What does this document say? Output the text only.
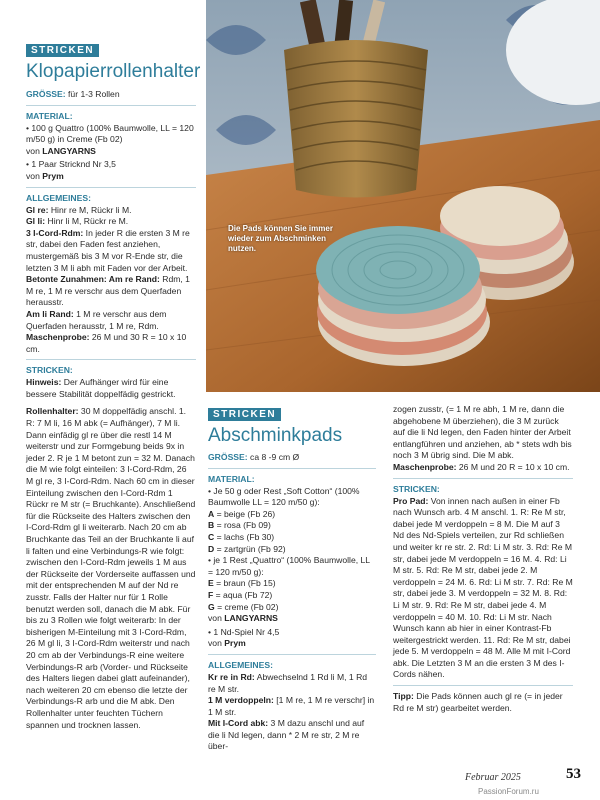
STRICKEN
Klopapierrollenhalter

GRÖSSE: für 1-3 Rollen

MATERIAL:

• 100 g Quattro (100% Baumwolle, LL = 120 m/50 g) in Creme (Fb 02)

von LANGYARNS

• 1 Paar Stricknd Nr 3,5

von Prym

ALLGEMEINES:

Gl re: Hinr re M, Rückr li M.

Gl li: Hinr li M, Rückr re M.

3 I-Cord-Rdm: In jeder R die ersten 3 M re str, dabei den Faden fest anziehen, mustergemäß bis 3 M vor R-Ende str, die letzten 3 M li abh mit Faden vor der Arbeit.

Betonte Zunahmen: Am re Rand: Rdm, 1 M re, 1 M re verschr aus dem Querfaden herausstr.

Am li Rand: 1 M re verschr aus dem Querfaden herausstr, 1 M re, Rdm.

Maschenprobe: 26 M und 30 R = 10 x 10 cm.

STRICKEN:

Hinweis: Der Aufhänger wird für eine bessere Stabilität doppelfädig gestrickt.

Rollenhalter: 30 M doppelfädig anschl. 1. R: 7 M li, 16 M abk (= Aufhänger), 7 M li. Dann einfädig gl re über die restl 14 M weiterstr und zur Formgebung beids 9x in jeder 2. R je 1 M betont zun = 32 M. Danach die M wie folgt einteilen: 3 I-Cord-Rdm, 26 M gl re, 3 I-Cord-Rdm. Nach 60 cm in dieser Einteilung zwischen den I-Cord-Rdm 1 Rückr re M str (= Bruchkante). Anschließend für die Rückseite des Halters zwischen den I-Cord-Rdm gl li weiterarb. Nach 20 cm ab Bruchkante das Teil an der Bruchkante li auf li falten und eine Verbindungs-R wie folgt: zwischen den I-Cord-Rdm jeweils 1 M aus der Rückseite der Vorderseite auffassen und mit der entsprechenden M auf der Nd re zusstr. Falls der Halter nur für 1 Rolle benutzt werden soll, danach die M abk. Für bis zu 3 Rollen wie folgt weiterarb: In der bisherigen M-Einteilung mit 3 I-Cord-Rdm, 26 M gl li, 3 I-Cord-Rdm weiterstr und nach 20 cm ab der Verbindungs-R eine weitere Verbindungs-R arb (Vorder- und Rückseite des Halters liegen dabei glatt aufeinander), nach weiteren 20 cm ebenso die letzte der Verbindungs-R arb und die M abk. Den Rollenhalter unter feuchten Tüchern spannen und trocknen lassen.

Die Pads können Sie immer wieder zum Abschminken nutzen.
STRICKEN
Abschminkpads

GRÖSSE: ca 8 -9 cm Ø

MATERIAL:

• Je 50 g oder Rest „Soft Cotton“ (100% Baumwolle LL = 120 m/50 g):

A = beige (Fb 26)

B = rosa (Fb 09)

C = lachs (Fb 30)

D = zartgrün (Fb 92)

• je 1 Rest „Quattro“ (100% Baumwolle, LL = 120 m/50 g):

E = braun (Fb 15)

F = aqua (Fb 72)

G = creme (Fb 02)

von LANGYARNS

• 1 Nd-Spiel Nr 4,5

von Prym

ALLGEMEINES:

Kr re in Rd: Abwechselnd 1 Rd li M, 1 Rd re M str.

1 M verdoppeln: [1 M re, 1 M re verschr] in 1 M str.

Mit I-Cord abk: 3 M dazu anschl und auf die li Nd legen, dann * 2 M re str, 2 M re über-

zogen zusstr, (= 1 M re abh, 1 M re, dann die abgehobene M überziehen), die 3 M zurück auf die li Nd legen, den Faden hinter der Arbeit entlangführen und anziehen, ab * stets wdh bis noch 3 M übrig sind. Die M abk.

Maschenprobe: 26 M und 20 R = 10 x 10 cm.

STRICKEN:

Pro Pad: Von innen nach außen in einer Fb nach Wunsch arb. 4 M anschl. 1. R: Re M str, dabei jede M verdoppeln = 8 M. Die M auf 3 Nd des Nd-Spiels verteilen, zur Rd schließen und weiter kr re str. 2. Rd: Li M str. 3. Rd: Re M str, dabei jede M verdoppeln = 16 M. 4. Rd: Li M str. 5. Rd: Re M str, dabei jede 2. M verdoppeln = 24 M. 6. Rd: Li M str. 7. Rd: Re M str, dabei jede 3. M verdoppeln = 32 M. 8. Rd: Li M str. 9. Rd: Re M str, dabei jede 4. M verdoppeln = 40 M. 10. Rd: Li M str. Nach Wunsch kann ab hier in einer Kontrast-Fb weitergestrickt werden. 11. Rd: Re M str, dabei jede 5. M verdoppeln = 48 M. Alle M mit I-Cord abk. Die Letzten 3 M an die ersten 3 M des I-Cords nähen.

Tipp: Die Pads können auch gl re (= in jeder Rd re M str) gearbeitet werden.

Februar 2025	53
PassionForum.ru
